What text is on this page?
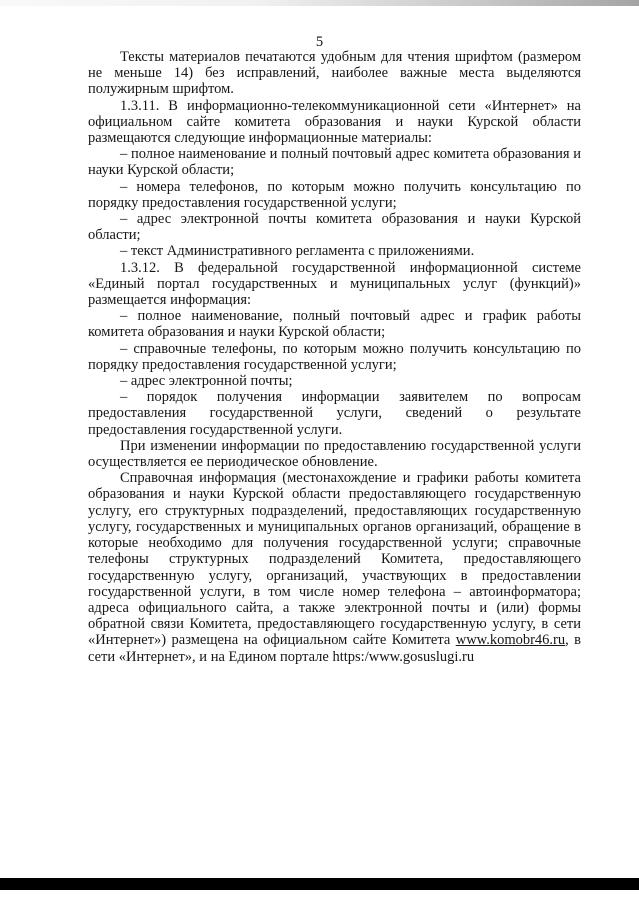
5

Тексты материалов печатаются удобным для чтения шрифтом (размером не меньше 14) без исправлений, наиболее важные места выделяются полужирным шрифтом.

1.3.11. В информационно-телекоммуникационной сети «Интернет» на официальном сайте комитета образования и науки Курской области размещаются следующие информационные материалы:

– полное наименование и полный почтовый адрес комитета образования и науки Курской области;

– номера телефонов, по которым можно получить консультацию по порядку предоставления государственной услуги;

– адрес электронной почты комитета образования и науки Курской области;

– текст Административного регламента с приложениями.

1.3.12. В федеральной государственной информационной системе «Единый портал государственных и муниципальных услуг (функций)» размещается информация:

– полное наименование, полный почтовый адрес и график работы комитета образования и науки Курской области;

– справочные телефоны, по которым можно получить консультацию по порядку предоставления государственной услуги;

– адрес электронной почты;

– порядок получения информации заявителем по вопросам предоставления государственной услуги, сведений о результате предоставления государственной услуги.

При изменении информации по предоставлению государственной услуги осуществляется ее периодическое обновление.

Справочная информация (местонахождение и графики работы комитета образования и науки Курской области предоставляющего государственную услугу, его структурных подразделений, предоставляющих государственную услугу, государственных и муниципальных органов организаций, обращение в которые необходимо для получения государственной услуги; справочные телефоны структурных подразделений Комитета, предоставляющего государственную услугу, организаций, участвующих в предоставлении государственной услуги, в том числе номер телефона – автоинформатора; адреса официального сайта, а также электронной почты и (или) формы обратной связи Комитета, предоставляющего государственную услугу, в сети «Интернет») размещена на официальном сайте Комитета www.komobr46.ru, в сети «Интернет», и на Едином портале https:/www.gosuslugi.ru
